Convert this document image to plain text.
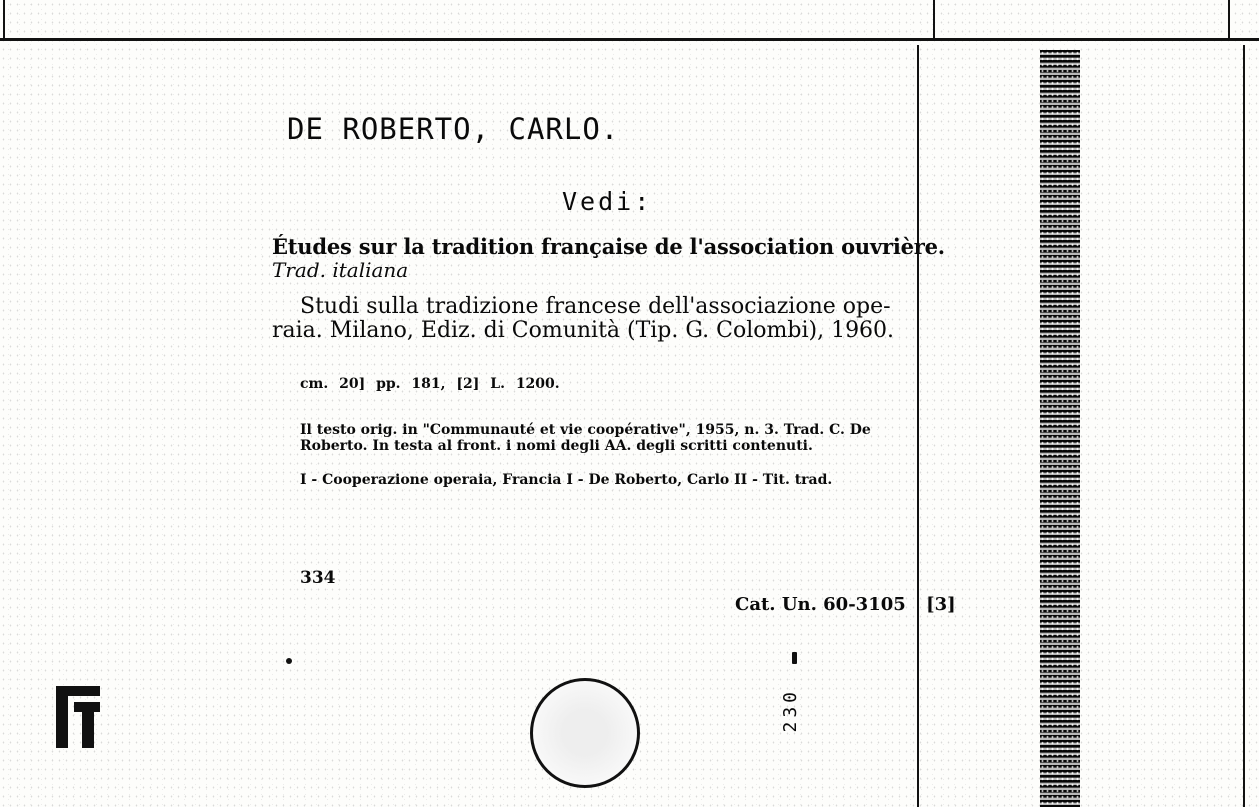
DE ROBERTO, CARLO.
Vedi:
Études sur la tradition française de l'association ouvrière.
Trad. italiana
Studi sulla tradizione francese dell'associazione ope-
raia. Milano, Ediz. di Comunità (Tip. G. Colombi), 1960.
cm. 20] pp. 181, [2] L. 1200.
Il testo orig. in "Communauté et vie coopérative", 1955, n. 3. Trad. C. De Roberto. In testa al front. i nomi degli AA. degli scritti contenuti.
I - Cooperazione operaia, Francia I - De Roberto, Carlo II - Tit. trad.
334
Cat. Un. 60-3105 [3]
230
